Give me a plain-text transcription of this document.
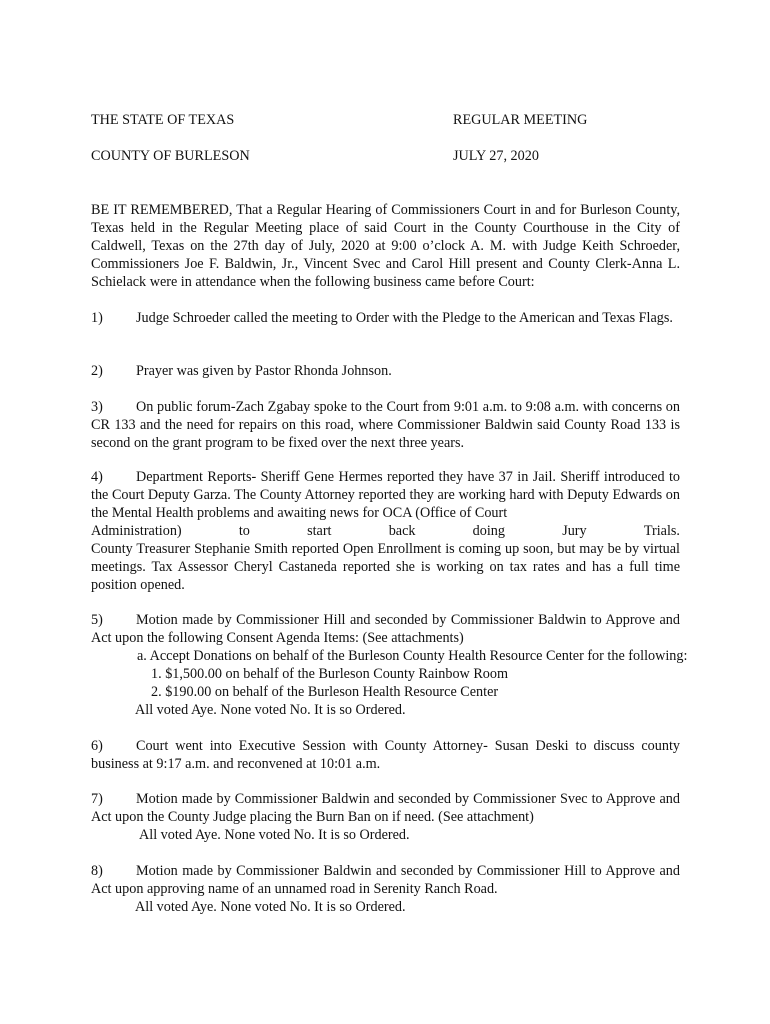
THE STATE OF TEXAS	REGULAR MEETING
COUNTY OF BURLESON	JULY 27, 2020
BE IT REMEMBERED, That a Regular Hearing of Commissioners Court in and for Burleson County, Texas held in the Regular Meeting place of said Court in the County Courthouse in the City of Caldwell, Texas on the 27th day of July, 2020 at 9:00 o’clock A. M. with Judge Keith Schroeder, Commissioners Joe F. Baldwin, Jr., Vincent Svec and Carol Hill present and County Clerk-Anna L. Schielack were in attendance when the following business came before Court:
1) Judge Schroeder called the meeting to Order with the Pledge to the American and Texas Flags.
2) Prayer was given by Pastor Rhonda Johnson.
3) On public forum-Zach Zgabay spoke to the Court from 9:01 a.m. to 9:08 a.m. with concerns on CR 133 and the need for repairs on this road, where Commissioner Baldwin said County Road 133 is second on the grant program to be fixed over the next three years.
4) Department Reports- Sheriff Gene Hermes reported they have 37 in Jail. Sheriff introduced to the Court Deputy Garza. The County Attorney reported they are working hard with Deputy Edwards on the Mental Health problems and awaiting news for OCA (Office of Court
Administration)	to	start	back	doing	Jury	Trials.
County Treasurer Stephanie Smith reported Open Enrollment is coming up soon, but may be by virtual meetings. Tax Assessor Cheryl Castaneda reported she is working on tax rates and has a full time position opened.
5) Motion made by Commissioner Hill and seconded by Commissioner Baldwin to Approve and Act upon the following Consent Agenda Items: (See attachments)
a. Accept Donations on behalf of the Burleson County Health Resource Center for the following:
1. $1,500.00 on behalf of the Burleson County Rainbow Room
2. $190.00 on behalf of the Burleson Health Resource Center
All voted Aye. None voted No. It is so Ordered.
6) Court went into Executive Session with County Attorney- Susan Deski to discuss county business at 9:17 a.m. and reconvened at 10:01 a.m.
7) Motion made by Commissioner Baldwin and seconded by Commissioner Svec to Approve and Act upon the County Judge placing the Burn Ban on if need. (See attachment)
All voted Aye. None voted No. It is so Ordered.
8) Motion made by Commissioner Baldwin and seconded by Commissioner Hill to Approve and Act upon approving name of an unnamed road in Serenity Ranch Road.
All voted Aye. None voted No. It is so Ordered.
